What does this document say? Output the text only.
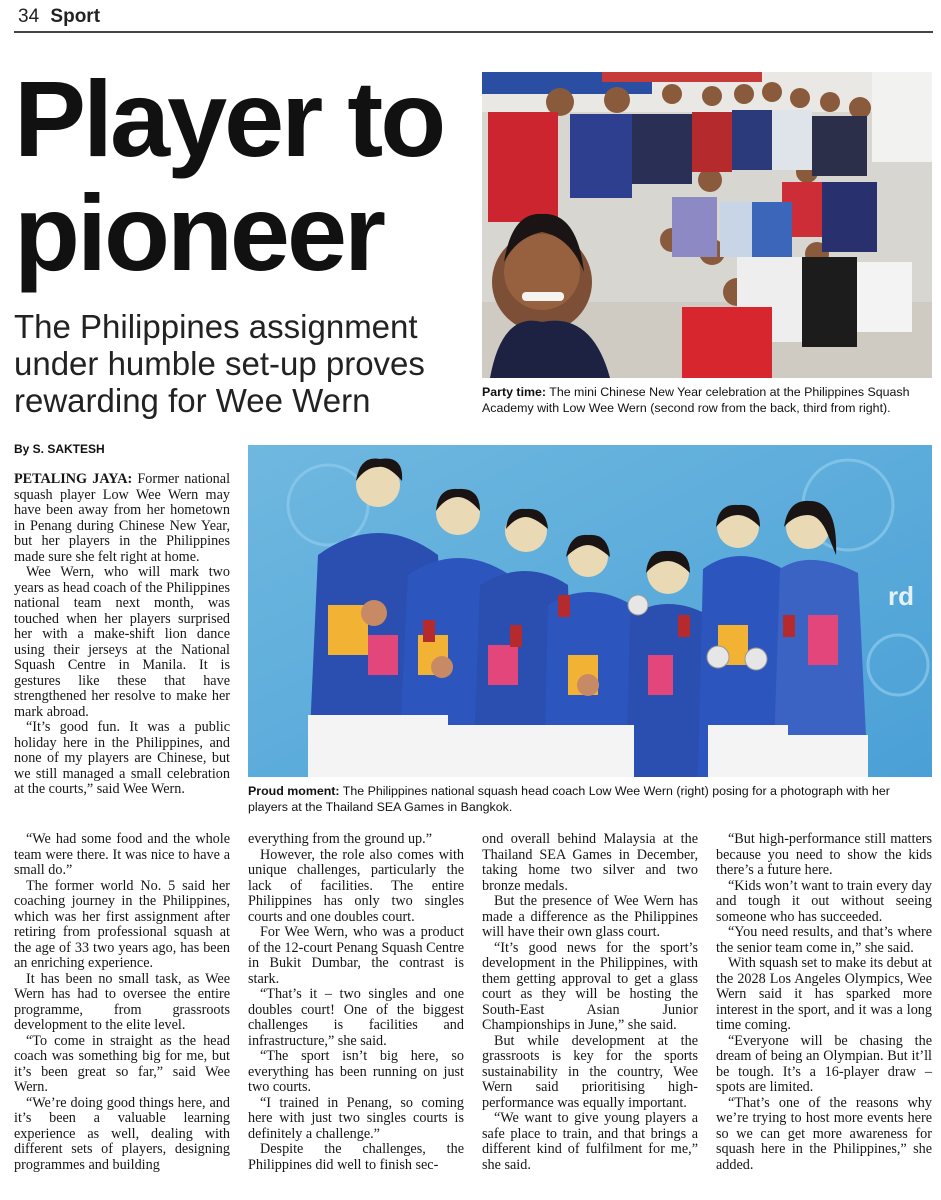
34 Sport
Player to pioneer
The Philippines assignment under humble set-up proves rewarding for Wee Wern
By S. SAKTESH
Party time: The mini Chinese New Year celebration at the Philippines Squash Academy with Low Wee Wern (second row from the back, third from right).
rd
Proud moment: The Philippines national squash head coach Low Wee Wern (right) posing for a photograph with her players at the Thailand SEA Games in Bangkok.

PETALING JAYA: Former national squash player Low Wee Wern may have been away from her hometown in Penang during Chinese New Year, but her players in the Philippines made sure she felt right at home.

Wee Wern, who will mark two years as head coach of the Philippines national team next month, was touched when her players surprised her with a make-shift lion dance using their jerseys at the National Squash Centre in Manila. It is gestures like these that have strengthened her resolve to make her mark abroad.

“It’s good fun. It was a public holiday here in the Philippines, and none of my players are Chinese, but we still managed a small celebration at the courts,” said Wee Wern.

“We had some food and the whole team were there. It was nice to have a small do.”

The former world No. 5 said her coaching journey in the Philippines, which was her first assignment after retiring from professional squash at the age of 33 two years ago, has been an enriching experience.

It has been no small task, as Wee Wern has had to oversee the entire programme, from grassroots development to the elite level.

“To come in straight as the head coach was something big for me, but it’s been great so far,” said Wee Wern.

“We’re doing good things here, and it’s been a valuable learning experience as well, dealing with different sets of players, designing programmes and building

everything from the ground up.”

However, the role also comes with unique challenges, particularly the lack of facilities. The entire Philippines has only two singles courts and one doubles court.

For Wee Wern, who was a product of the 12-court Penang Squash Centre in Bukit Dumbar, the contrast is stark.

“That’s it – two singles and one doubles court! One of the biggest challenges is facilities and infrastructure,” she said.

“The sport isn’t big here, so everything has been running on just two courts.

“I trained in Penang, so coming here with just two singles courts is definitely a challenge.”

Despite the challenges, the Philippines did well to finish sec-

ond overall behind Malaysia at the Thailand SEA Games in December, taking home two silver and two bronze medals.

But the presence of Wee Wern has made a difference as the Philippines will have their own glass court.

“It’s good news for the sport’s development in the Philippines, with them getting approval to get a glass court as they will be hosting the South-East Asian Junior Championships in June,” she said.

But while development at the grassroots is key for the sports sustainability in the country, Wee Wern said prioritising high-performance was equally important.

“We want to give young players a safe place to train, and that brings a different kind of fulfilment for me,” she said.

“But high-performance still matters because you need to show the kids there’s a future here.

“Kids won’t want to train every day and tough it out without seeing someone who has succeeded.

“You need results, and that’s where the senior team come in,” she said.

With squash set to make its debut at the 2028 Los Angeles Olympics, Wee Wern said it has sparked more interest in the sport, and it was a long time coming.

“Everyone will be chasing the dream of being an Olympian. But it’ll be tough. It’s a 16-player draw – spots are limited.

“That’s one of the reasons why we’re trying to host more events here so we can get more awareness for squash here in the Philippines,” she added.
